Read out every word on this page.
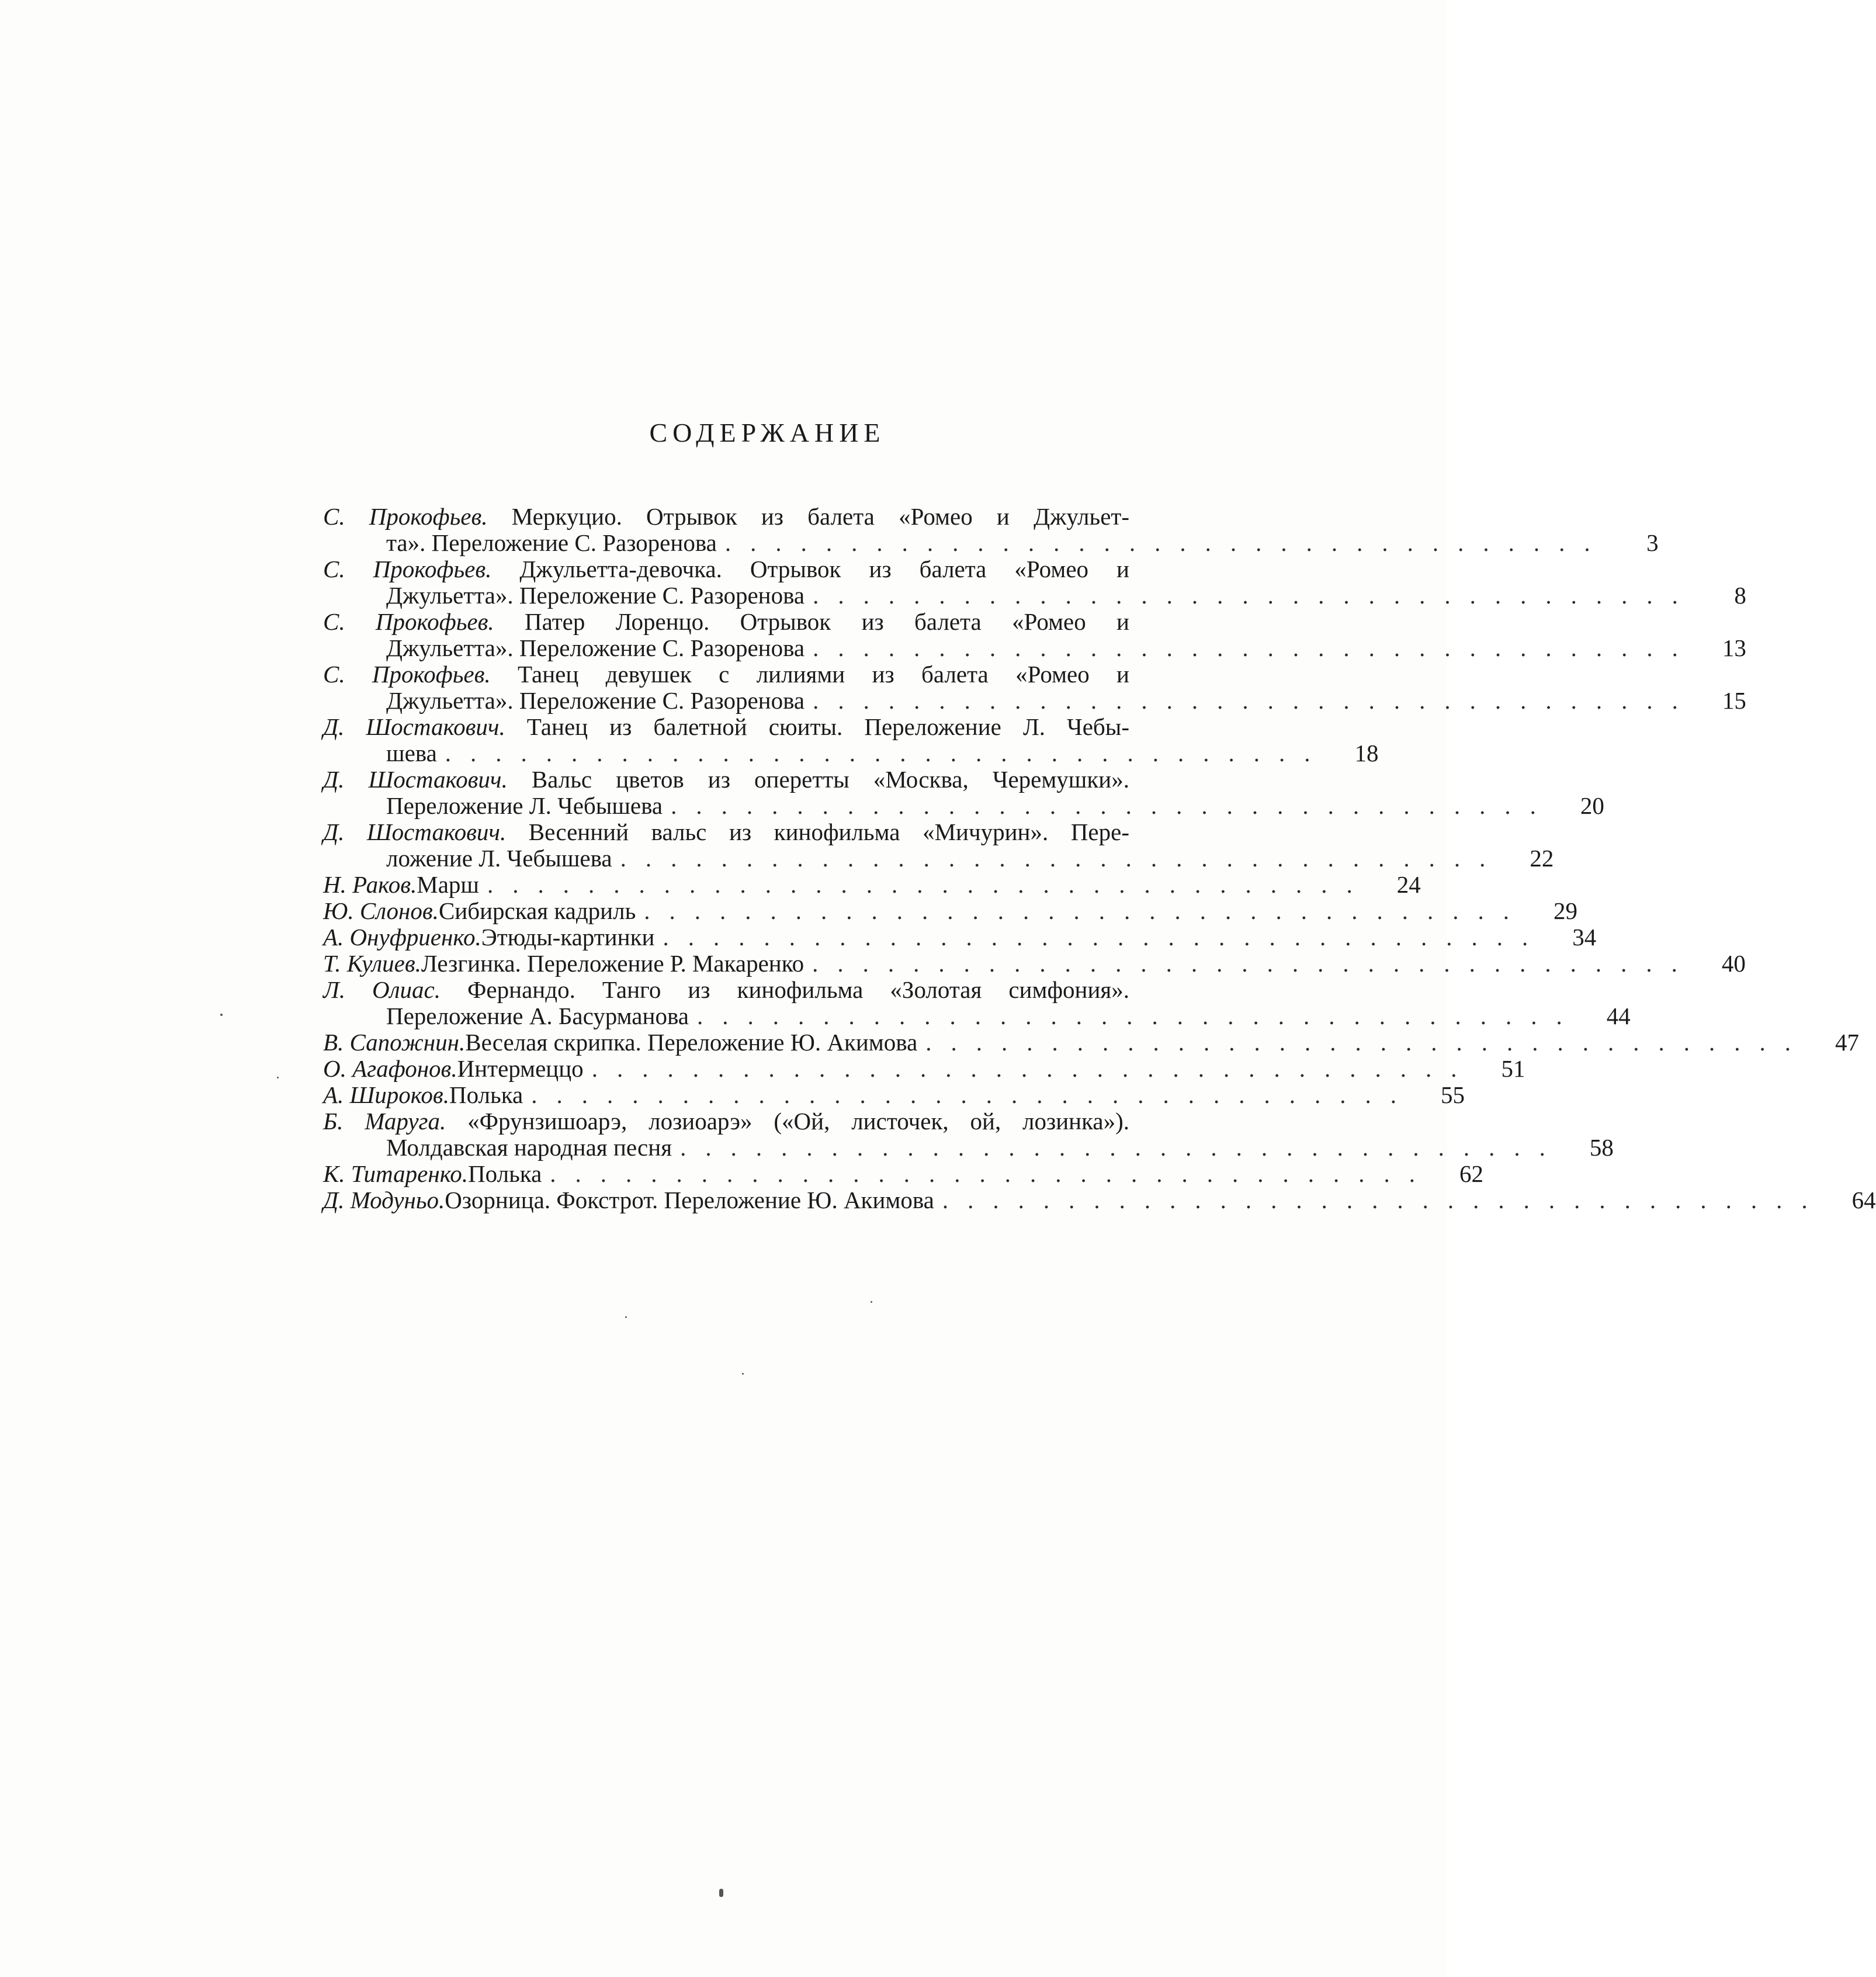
СОДЕРЖАНИЕ
С. Прокофьев. Меркуцио. Отрывок из балета «Ромео и Джульет-
та». Переложение С. Разоренова ...................................	3
С. Прокофьев. Джульетта-девочка. Отрывок из балета «Ромео и
Джульетта». Переложение С. Разоренова ...................................	8
С. Прокофьев. Патер Лоренцо. Отрывок из балета «Ромео и
Джульетта». Переложение С. Разоренова ...................................	13
С. Прокофьев. Танец девушек с лилиями из балета «Ромео и
Джульетта». Переложение С. Разоренова ...................................	15
Д. Шостакович. Танец из балетной сюиты. Переложение Л. Чебы-
шева ...................................	18
Д. Шостакович. Вальс цветов из оперетты «Москва, Черемушки».
Переложение Л. Чебышева ...................................	20
Д. Шостакович. Весенний вальс из кинофильма «Мичурин». Пере-
ложение Л. Чебышева ...................................	22
Н. Раков. Марш ...................................	24
Ю. Слонов. Сибирская кадриль ...................................	29
А. Онуфриенко. Этюды-картинки ...................................	34
Т. Кулиев. Лезгинка. Переложение Р. Макаренко ...................................	40
Л. Олиас. Фернандо. Танго из кинофильма «Золотая симфония».
Переложение А. Басурманова ...................................	44
В. Сапожнин. Веселая скрипка. Переложение Ю. Акимова ...................................	47
О. Агафонов. Интермеццо ...................................	51
А. Широков. Полька ...................................	55
Б. Маруга. «Фрунзишоарэ, лозиоарэ» («Ой, листочек, ой, лозинка»).
Молдавская народная песня ...................................	58
К. Титаренко. Полька ...................................	62
Д. Модуньо. Озорница. Фокстрот. Переложение Ю. Акимова ...................................	64
